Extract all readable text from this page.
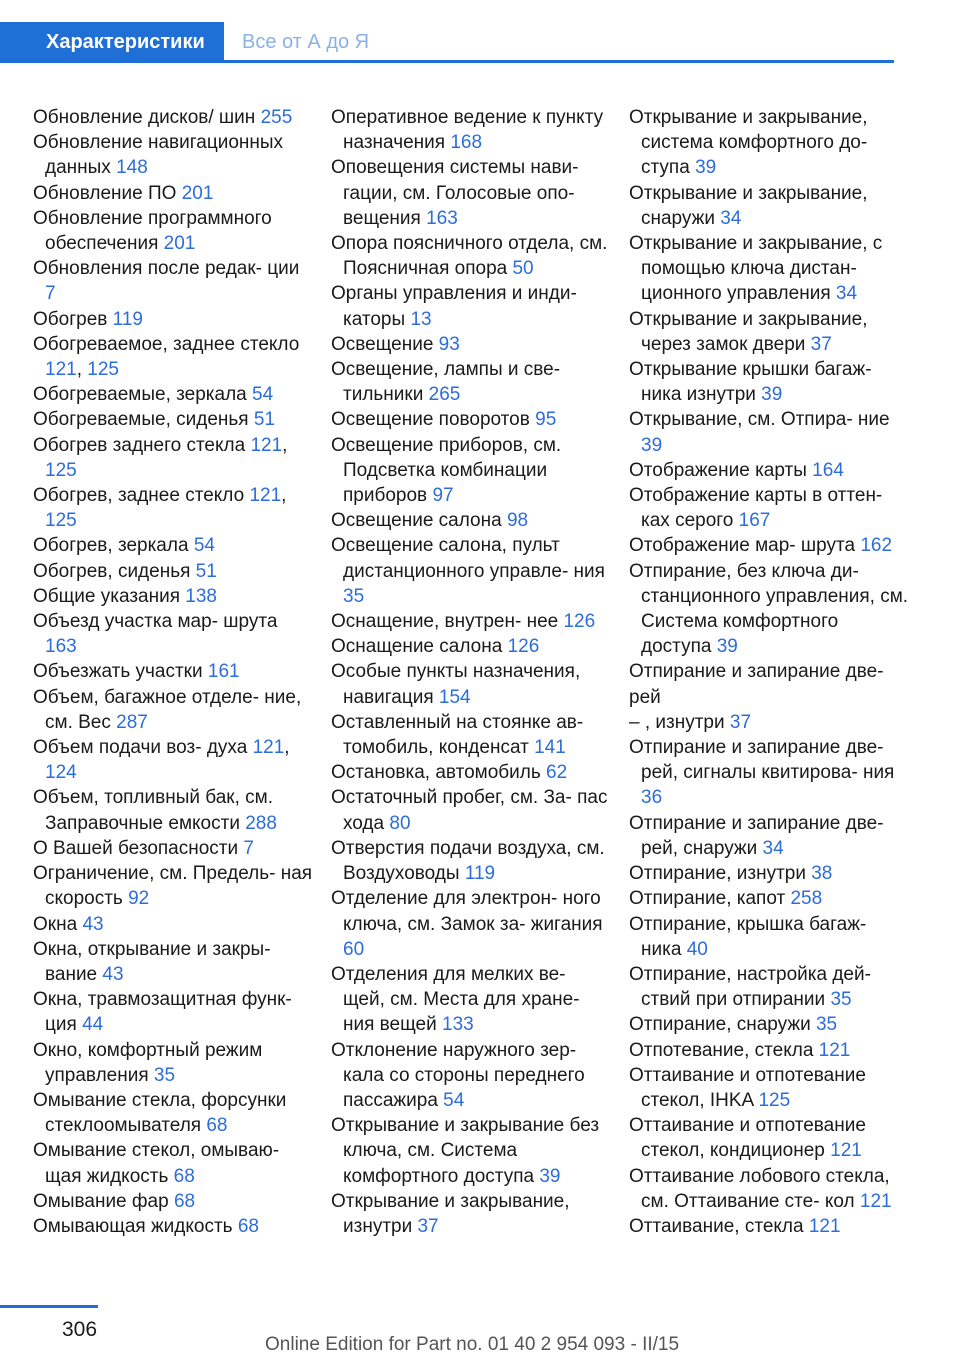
Характеристики	Все от А до Я
Обновление дисков/ шин 255
Обновление навигационных данных 148
Обновление ПО 201
Обновление программного обеспечения 201
Обновления после редак- ции 7
Обогрев 119
Обогреваемое, заднее стекло 121, 125
Обогреваемые, зеркала 54
Обогреваемые, сиденья 51
Обогрев заднего стекла 121, 125
Обогрев, заднее стекло 121, 125
Обогрев, зеркала 54
Обогрев, сиденья 51
Общие указания 138
Объезд участка мар- шрута 163
Объезжать участки 161
Объем, багажное отделе- ние, см. Вес 287
Объем подачи воз- духа 121, 124
Объем, топливный бак, см. Заправочные емкости 288
О Вашей безопасности 7
Ограничение, см. Предель- ная скорость 92
Окна 43
Окна, открывание и закры- вание 43
Окна, травмозащитная функ- ция 44
Окно, комфортный режим управления 35
Омывание стекла, форсунки стеклоомывателя 68
Омывание стекол, омываю- щая жидкость 68
Омывание фар 68
Омывающая жидкость 68
Оперативное ведение к пункту назначения 168
Оповещения системы нави- гации, см. Голосовые опо- вещения 163
Опора поясничного отдела, см. Поясничная опора 50
Органы управления и инди- каторы 13
Освещение 93
Освещение, лампы и све- тильники 265
Освещение поворотов 95
Освещение приборов, см. Подсветка комбинации приборов 97
Освещение салона 98
Освещение салона, пульт дистанционного управле- ния 35
Оснащение, внутрен- нее 126
Оснащение салона 126
Особые пункты назначения, навигация 154
Оставленный на стоянке ав- томобиль, конденсат 141
Остановка, автомобиль 62
Остаточный пробег, см. За- пас хода 80
Отверстия подачи воздуха, см. Воздуховоды 119
Отделение для электрон- ного ключа, см. Замок за- жигания 60
Отделения для мелких ве- щей, см. Места для хране- ния вещей 133
Отклонение наружного зер- кала со стороны переднего пассажира 54
Открывание и закрывание без ключа, см. Система комфортного доступа 39
Открывание и закрывание, изнутри 37
Открывание и закрывание, система комфортного до- ступа 39
Открывание и закрывание, снаружи 34
Открывание и закрывание, с помощью ключа дистан- ционного управления 34
Открывание и закрывание, через замок двери 37
Открывание крышки багаж- ника изнутри 39
Открывание, см. Отпира- ние 39
Отображение карты 164
Отображение карты в оттен- ках серого 167
Отображение мар- шрута 162
Отпирание, без ключа ди- станционного управления, см. Система комфортного доступа 39
Отпирание и запирание две- рей
– , изнутри 37
Отпирание и запирание две- рей, сигналы квитирова- ния 36
Отпирание и запирание две- рей, снаружи 34
Отпирание, изнутри 38
Отпирание, капот 258
Отпирание, крышка багаж- ника 40
Отпирание, настройка дей- ствий при отпирании 35
Отпирание, снаружи 35
Отпотевание, стекла 121
Оттаивание и отпотевание стекол, IHKA 125
Оттаивание и отпотевание стекол, кондиционер 121
Оттаивание лобового стекла, см. Оттаивание сте- кол 121
Оттаивание, стекла 121
306
Online Edition for Part no. 01 40 2 954 093 - II/15
